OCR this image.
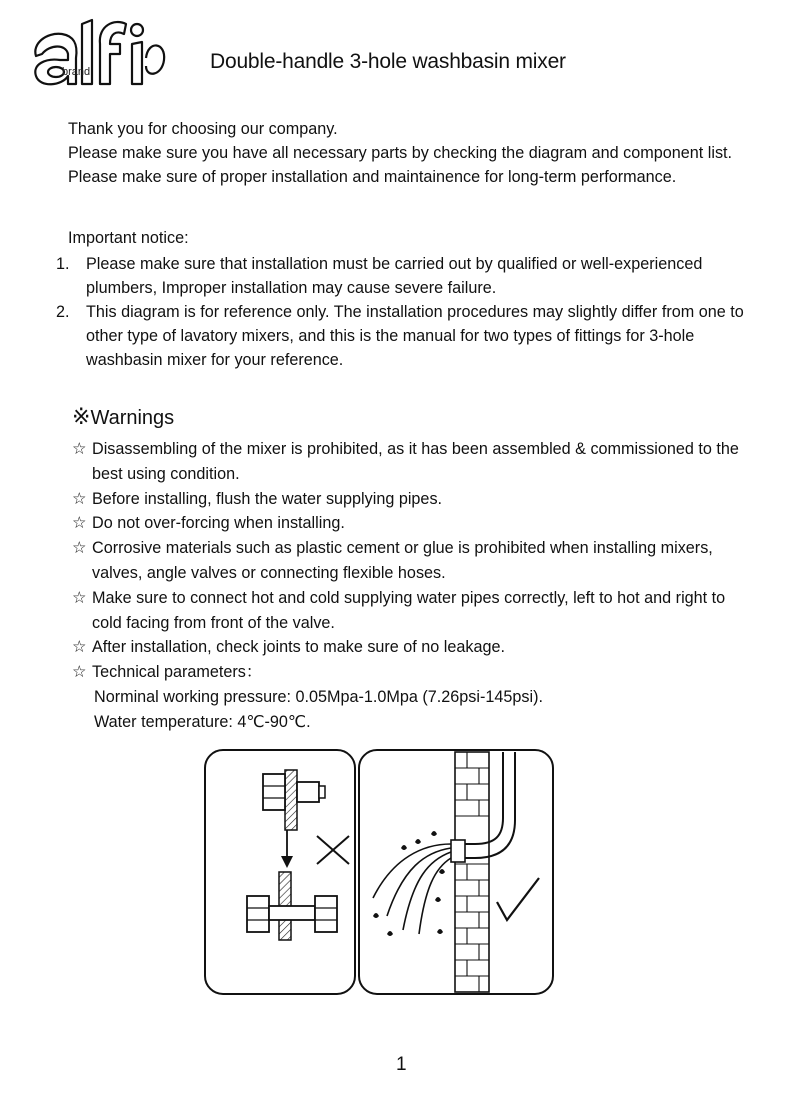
brand	Double-handle 3-hole washbasin mixer

Thank you for choosing our company.

Please make sure you have all necessary parts by checking the diagram and component list.

Please make sure of proper installation and maintainence for long-term performance.

Important notice:
1. Please make sure that installation must be carried out by qualified or well-experienced plumbers, Improper installation may cause severe failure.
2. This diagram is for reference only. The installation procedures may slightly differ from one to other type of lavatory mixers, and this is the manual for two types of fittings for 3-hole washbasin mixer for your reference.
※Warnings
☆ Disassembling of the mixer is prohibited, as it has been assembled & commissioned to the best using condition.
☆ Before installing, flush the water supplying pipes.
☆ Do not over-forcing when installing.
☆ Corrosive materials such as plastic cement or glue is prohibited when installing mixers, valves, angle valves or connecting flexible hoses.
☆ Make sure to connect hot and cold supplying water pipes correctly, left to hot and right to cold facing from front of the valve.
☆ After installation, check joints to make sure of no leakage.
☆ Technical parameters：
Norminal working pressure: 0.05Mpa-1.0Mpa (7.26psi-145psi).
Water temperature: 4℃-90℃.
1
